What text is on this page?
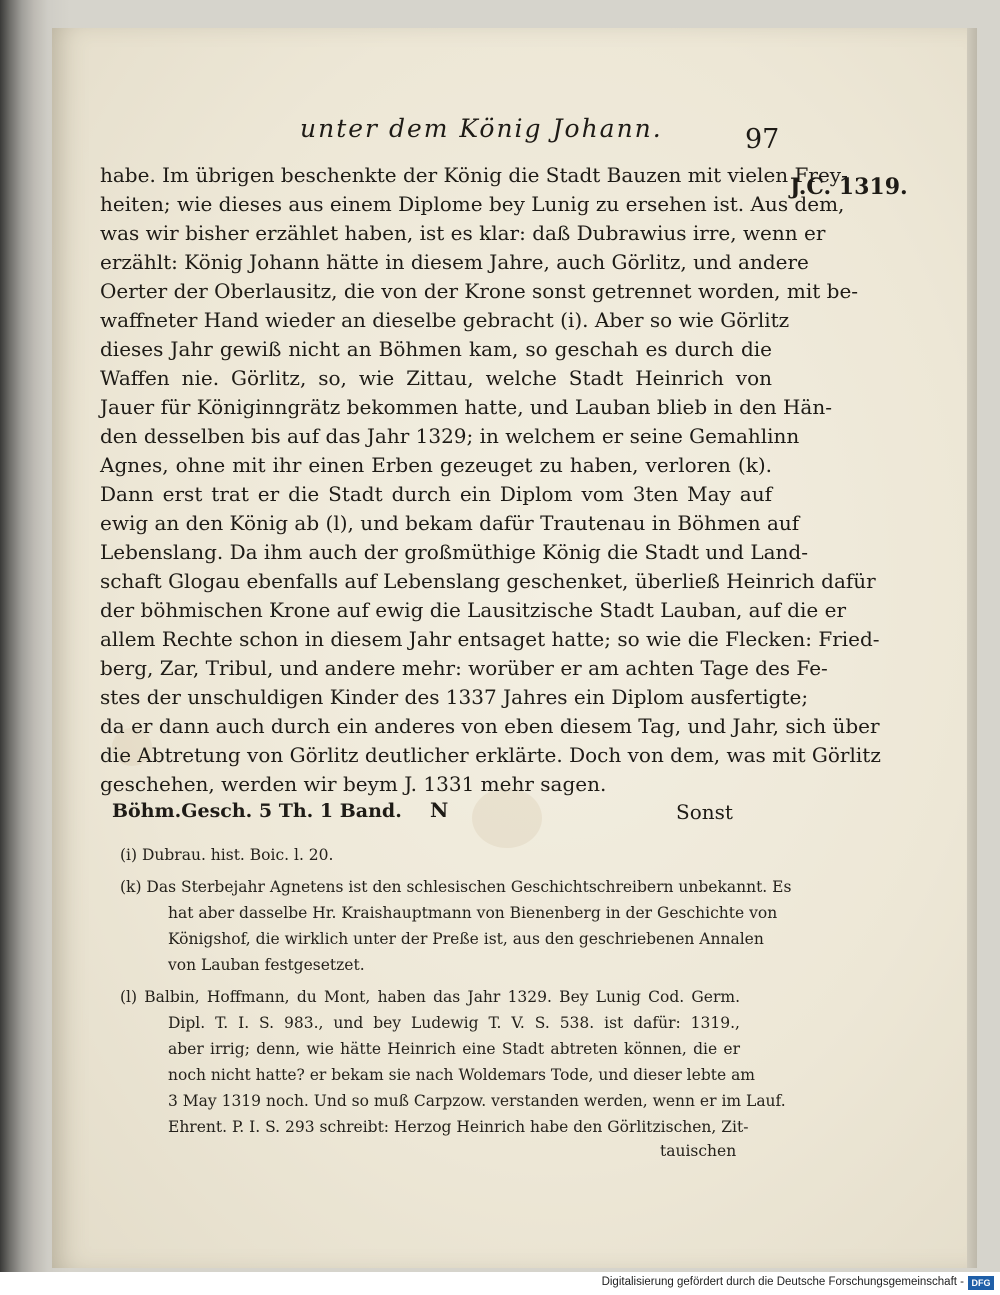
unter dem König Johann.	97
J.C. 1319.
habe. Im übrigen beschenkte der König die Stadt Bauzen mit vielen Frey-
heiten; wie dieses aus einem Diplome bey Lunig zu ersehen ist. Aus dem,
was wir bisher erzählet haben, ist es klar: daß Dubrawius irre, wenn er
erzählt: König Johann hätte in diesem Jahre, auch Görlitz, und andere
Oerter der Oberlausitz, die von der Krone sonst getrennet worden, mit be-
waffneter Hand wieder an dieselbe gebracht (i). Aber so wie Görlitz
dieses Jahr gewiß nicht an Böhmen kam, so geschah es durch die
Waffen nie. Görlitz, so, wie Zittau, welche Stadt Heinrich von
Jauer für Königinngrätz bekommen hatte, und Lauban blieb in den Hän-
den desselben bis auf das Jahr 1329; in welchem er seine Gemahlinn
Agnes, ohne mit ihr einen Erben gezeuget zu haben, verloren (k).
Dann erst trat er die Stadt durch ein Diplom vom 3ten May auf
ewig an den König ab (l), und bekam dafür Trautenau in Böhmen auf
Lebenslang. Da ihm auch der großmüthige König die Stadt und Land-
schaft Glogau ebenfalls auf Lebenslang geschenket, überließ Heinrich dafür
der böhmischen Krone auf ewig die Lausitzische Stadt Lauban, auf die er
allem Rechte schon in diesem Jahr entsaget hatte; so wie die Flecken: Fried-
berg, Zar, Tribul, und andere mehr: worüber er am achten Tage des Fe-
stes der unschuldigen Kinder des 1337 Jahres ein Diplom ausfertigte;
da er dann auch durch ein anderes von eben diesem Tag, und Jahr, sich über
die Abtretung von Görlitz deutlicher erklärte. Doch von dem, was mit Görlitz
geschehen, werden wir beym J. 1331 mehr sagen.
Böhm.Gesch. 5 Th. 1 Band. N	Sonst
(i) Dubrau. hist. Boic. l. 20.
(k) Das Sterbejahr Agnetens ist den schlesischen Geschichtschreibern unbekannt. Es
hat aber dasselbe Hr. Kraishauptmann von Bienenberg in der Geschichte von
Königshof, die wirklich unter der Preße ist, aus den geschriebenen Annalen
von Lauban festgesetzet.
(l) Balbin, Hoffmann, du Mont, haben das Jahr 1329. Bey Lunig Cod. Germ.
Dipl. T. I. S. 983., und bey Ludewig T. V. S. 538. ist dafür: 1319.,
aber irrig; denn, wie hätte Heinrich eine Stadt abtreten können, die er
noch nicht hatte? er bekam sie nach Woldemars Tode, und dieser lebte am
3 May 1319 noch. Und so muß Carpzow. verstanden werden, wenn er im Lauf.
Ehrent. P. I. S. 293 schreibt: Herzog Heinrich habe den Görlitzischen, Zit-
tauischen
Digitalisierung gefördert durch die Deutsche Forschungsgemeinschaft - DFG
